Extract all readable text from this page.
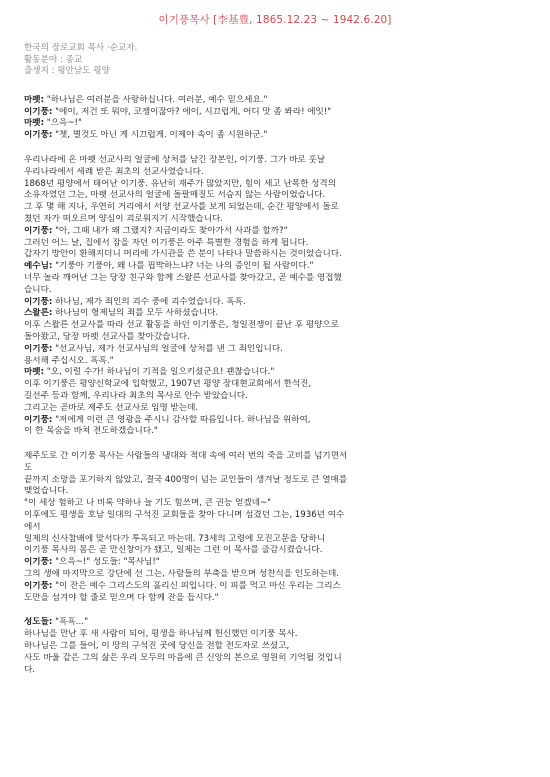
이기풍목사 [李基豊, 1865.12.23 ~ 1942.6.20]
한국의 장로교회 목사 ·순교자.
활동분야 : 종교
출생지 : 평안남도 평양
마펫: "하나님은 여러분을 사랑하십니다. 여러분, 예수 믿으세요."
이기풍: "에이, 저건 또 뭐야, 코쟁이잖아? 에이, 시끄럽게, 어디 맛 좀 봐라! 에잇!"
마펫: "으윽~!"
이기풍: "쳇, 별것도 아닌 게 시끄럽게. 이제야 속이 좀 시원하군."
우리나라에 온 마펫 선교사의 얼굴에 상처를 남긴 장본인, 이기풍. 그가 바로 훗날
우리나라에서 세례 받은 최초의 선교사였습니다.
1868년 평양에서 태어난 이기풍. 유난히 재주가 많았지만, 힘이 세고 난폭한 성격의
소유자였던 그는, 마펫 선교사의 얼굴에 돌팔매질도 서슴지 않는 사람이었습니다.
그 후 몇 해 지나, 우연히 거리에서 서양 선교사를 보게 되었는데, 순간 평양에서 돌로
쳤던 자가 떠오르며 양심이 괴로워지기 시작했습니다.
이기풍: "아, 그때 내가 왜 그랬지? 지금이라도 찾아가서 사과를 할까?"
그러던 어느 날, 집에서 잠을 자던 이기풍은 아주 특별한 경험을 하게 됩니다.
갑자기 방안이 환해지더니 머리에 가시관을 쓴 분이 나타나 말씀하시는 것이었습니다.
예수님: "기풍아 기풍아, 왜 나를 핍박하느냐? 너는 나의 증인이 될 사람이다."
너무 놀라 깨어난 그는 당장 친구와 함께 스왈른 선교사를 찾아갔고, 곧 예수를 영접했
습니다.
이기풍: 하나님, 제가 죄인의 괴수 중에 괴수였습니다. 흑흑.
스왈른: 하나님이 형제님의 죄를 모두 사하셨습니다.
이후 스왈른 선교사를 따라 선교 활동을 하던 이기풍은, 청일전쟁이 끝난 후 평양으로
돌아왔고, 당장 마펫 선교사를 찾아갔습니다.
이기풍: "선교사님, 제가 선교사님의 얼굴에 상처를 낸 그 죄인입니다.
용서해 주십시오. 흑흑."
마펫: "오, 이럴 수가! 하나님이 기적을 일으키셨군요! 괜찮습니다."
이후 이기풍은 평양신학교에 입학했고, 1907년 평양 장대현교회에서 한석진,
길선주 등과 함께, 우리나라 최초의 목사로 안수 받았습니다.
그리고는 곧바로 제주도 선교사로 임명 받는데.
이기풍: "저에게 이런 큰 영광을 주시니 감사할 따름입니다. 하나님을 위하여,
이 한 목숨을 바쳐 전도하겠습니다."
제주도로 간 이기풍 목사는 사람들의 냉대와 적대 속에 여러 번의 죽을 고비를 넘기면서
도
끝까지 소망을 포기하지 않았고, 결국 400명이 넘는 교인들이 생겨날 정도로 큰 열매를
맺었습니다.
"이 세상 험하고 나 비록 약하나 늘 기도 힘쓰며, 큰 권능 얻겠네~"
이후에도 평생을 호남 일대의 구석진 교회들을 찾아 다니며 섬겼던 그는, 1936년 여수
에서
일제의 신사참배에 맞서다가 투옥되고 마는데. 73세의 고령에 모진고문을 당하니
이기풍 목사의 몸은 곧 만신창이가 됐고, 일제는 그런 이 목사를 출감시켰습니다.
이기풍: "으윽~!" 성도들: "목사님!"
그의 생애 마지막으로 강단에 선 그는, 사람들의 부축을 받으며 성찬식을 인도하는데.
이기풍: "이 잔은 예수 그리스도의 흘리신 피입니다. 이 피를 먹고 마신 우리는 그리스
도만을 섬겨야 할 줄로 믿으며 다 함께 잔을 듭시다."
성도들: "흑흑…"
하나님을 만난 후 새 사람이 되어, 평생을 하나님께 헌신했던 이기풍 목사.
하나님은 그를 들어, 이 땅의 구석진 곳에 당신을 전할 전도자로 쓰셨고,
사도 바울 같은 그의 삶은 우리 모두의 마음에 큰 신앙의 본으로 영원히 기억될 것입니
다.
